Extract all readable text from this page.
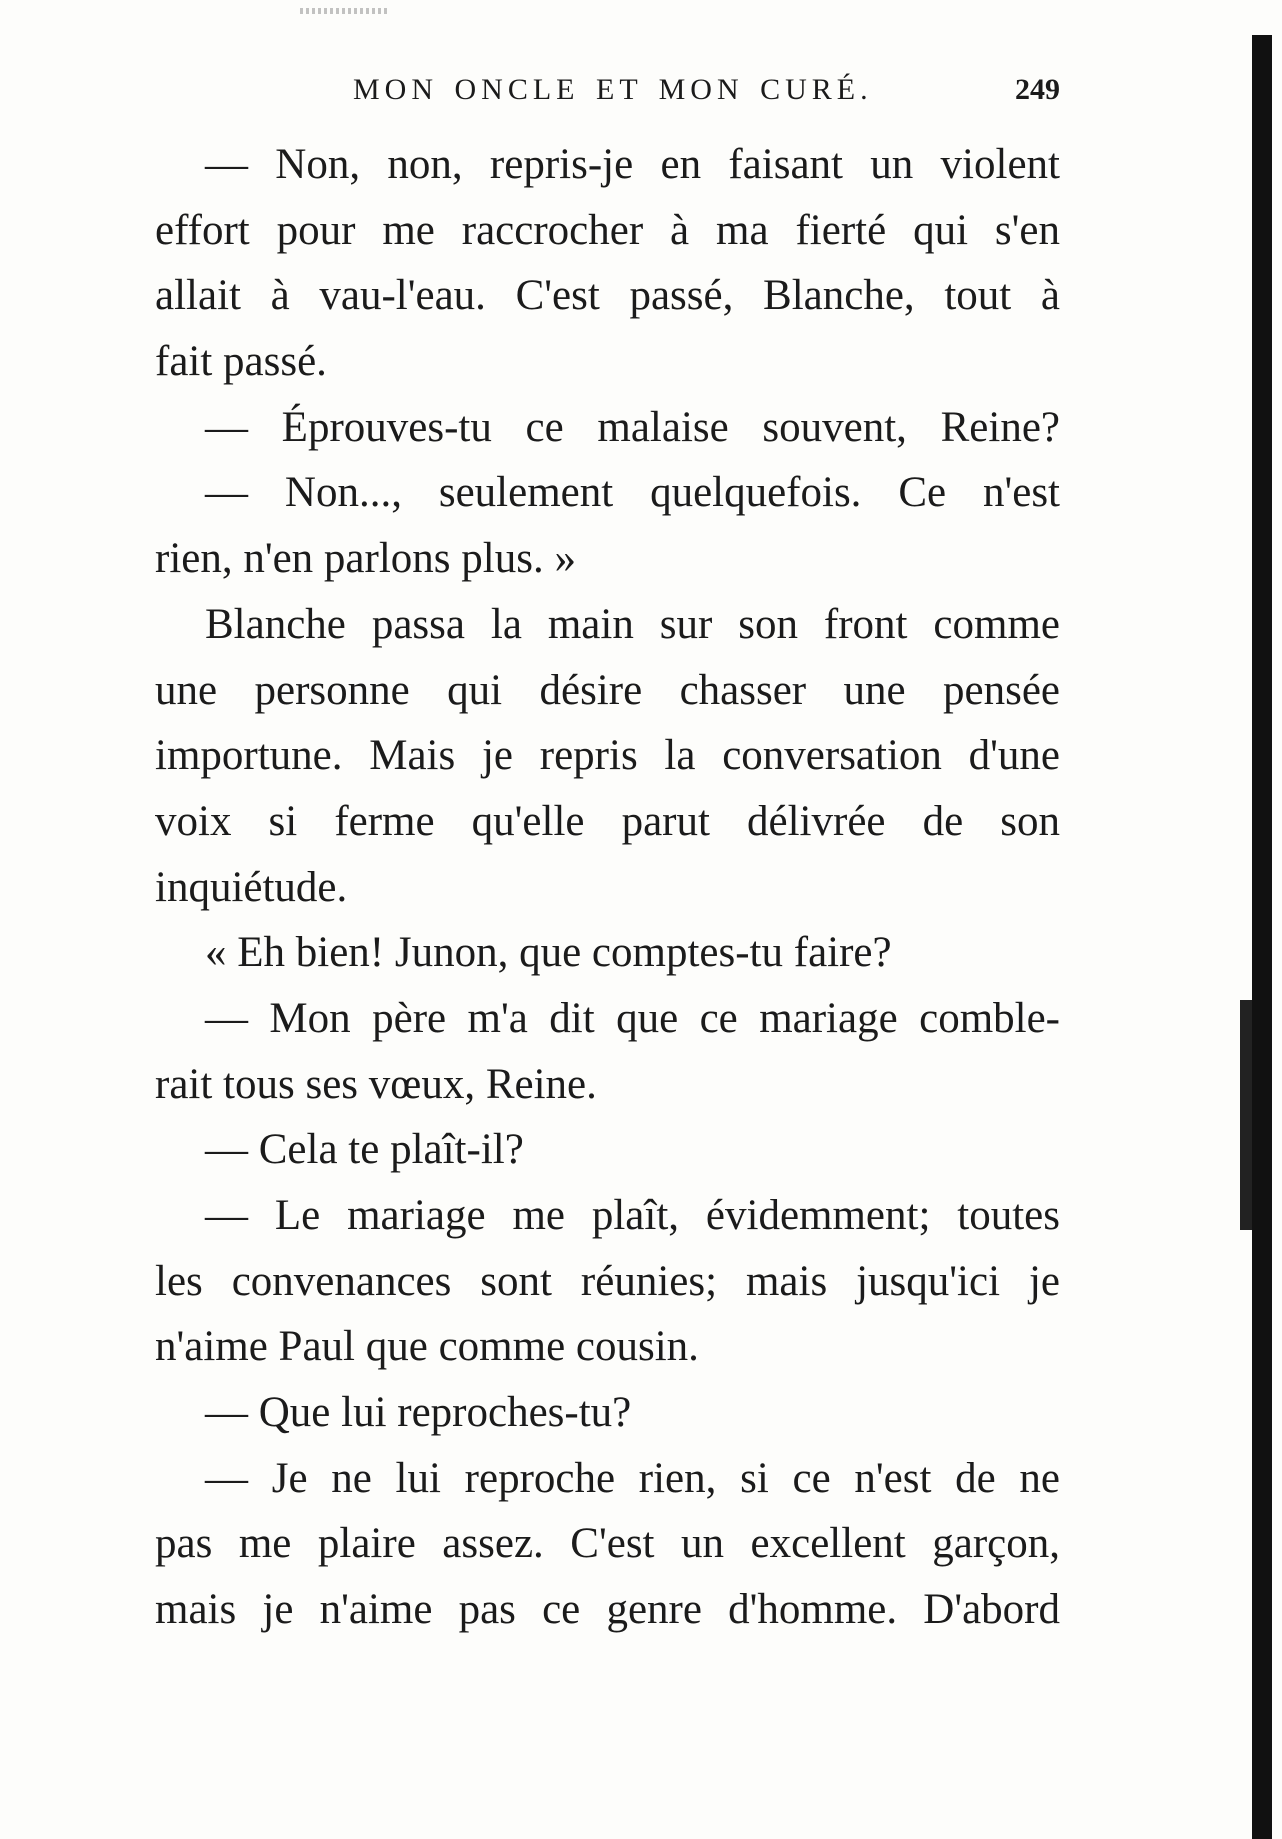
MON ONCLE ET MON CURÉ.	249
— Non, non, repris-je en faisant un violent
effort pour me raccrocher à ma fierté qui s'en
allait à vau-l'eau. C'est passé, Blanche, tout à
fait passé.
— Éprouves-tu ce malaise souvent, Reine?
— Non..., seulement quelquefois. Ce n'est
rien, n'en parlons plus. »
Blanche passa la main sur son front comme
une personne qui désire chasser une pensée
importune. Mais je repris la conversation d'une
voix si ferme qu'elle parut délivrée de son
inquiétude.
« Eh bien! Junon, que comptes-tu faire?
— Mon père m'a dit que ce mariage comble-
rait tous ses vœux, Reine.
— Cela te plaît-il?
— Le mariage me plaît, évidemment; toutes
les convenances sont réunies; mais jusqu'ici je
n'aime Paul que comme cousin.
— Que lui reproches-tu?
— Je ne lui reproche rien, si ce n'est de ne
pas me plaire assez. C'est un excellent garçon,
mais je n'aime pas ce genre d'homme. D'abord
